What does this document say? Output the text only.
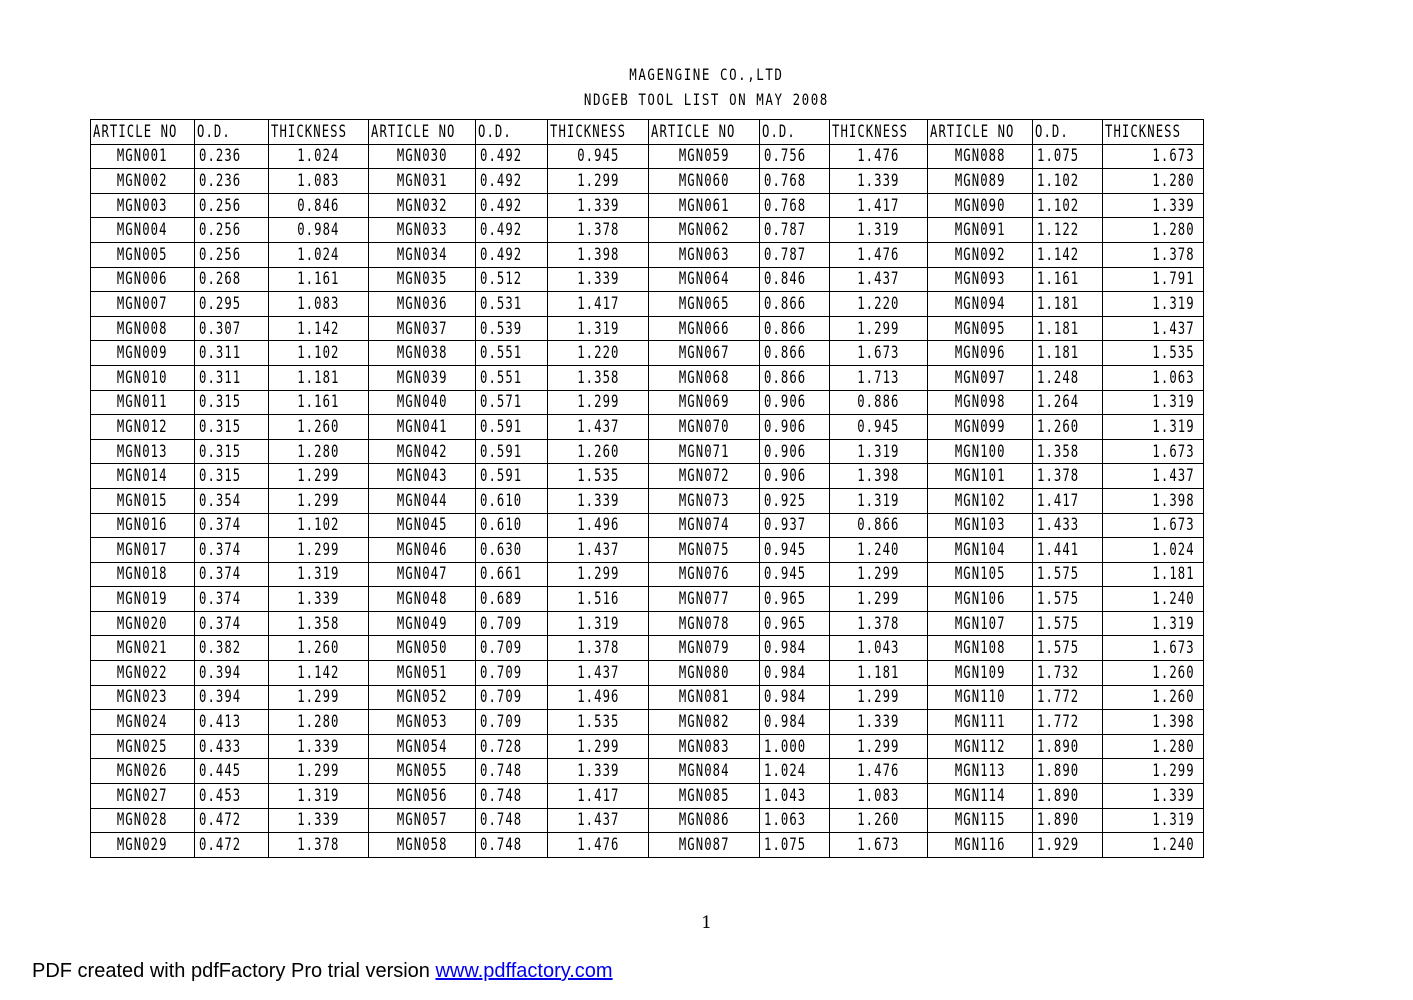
MAGENGINE CO.,LTD
NDGEB TOOL LIST ON MAY 2008
ARTICLE NO	O.D.	THICKNESS	ARTICLE NO	O.D.	THICKNESS	ARTICLE NO	O.D.	THICKNESS	ARTICLE NO	O.D.	THICKNESS
MGN001	0.236	1.024	MGN030	0.492	0.945	MGN059	0.756	1.476	MGN088	1.075	1.673
MGN002	0.236	1.083	MGN031	0.492	1.299	MGN060	0.768	1.339	MGN089	1.102	1.280
MGN003	0.256	0.846	MGN032	0.492	1.339	MGN061	0.768	1.417	MGN090	1.102	1.339
MGN004	0.256	0.984	MGN033	0.492	1.378	MGN062	0.787	1.319	MGN091	1.122	1.280
MGN005	0.256	1.024	MGN034	0.492	1.398	MGN063	0.787	1.476	MGN092	1.142	1.378
MGN006	0.268	1.161	MGN035	0.512	1.339	MGN064	0.846	1.437	MGN093	1.161	1.791
MGN007	0.295	1.083	MGN036	0.531	1.417	MGN065	0.866	1.220	MGN094	1.181	1.319
MGN008	0.307	1.142	MGN037	0.539	1.319	MGN066	0.866	1.299	MGN095	1.181	1.437
MGN009	0.311	1.102	MGN038	0.551	1.220	MGN067	0.866	1.673	MGN096	1.181	1.535
MGN010	0.311	1.181	MGN039	0.551	1.358	MGN068	0.866	1.713	MGN097	1.248	1.063
MGN011	0.315	1.161	MGN040	0.571	1.299	MGN069	0.906	0.886	MGN098	1.264	1.319
MGN012	0.315	1.260	MGN041	0.591	1.437	MGN070	0.906	0.945	MGN099	1.260	1.319
MGN013	0.315	1.280	MGN042	0.591	1.260	MGN071	0.906	1.319	MGN100	1.358	1.673
MGN014	0.315	1.299	MGN043	0.591	1.535	MGN072	0.906	1.398	MGN101	1.378	1.437
MGN015	0.354	1.299	MGN044	0.610	1.339	MGN073	0.925	1.319	MGN102	1.417	1.398
MGN016	0.374	1.102	MGN045	0.610	1.496	MGN074	0.937	0.866	MGN103	1.433	1.673
MGN017	0.374	1.299	MGN046	0.630	1.437	MGN075	0.945	1.240	MGN104	1.441	1.024
MGN018	0.374	1.319	MGN047	0.661	1.299	MGN076	0.945	1.299	MGN105	1.575	1.181
MGN019	0.374	1.339	MGN048	0.689	1.516	MGN077	0.965	1.299	MGN106	1.575	1.240
MGN020	0.374	1.358	MGN049	0.709	1.319	MGN078	0.965	1.378	MGN107	1.575	1.319
MGN021	0.382	1.260	MGN050	0.709	1.378	MGN079	0.984	1.043	MGN108	1.575	1.673
MGN022	0.394	1.142	MGN051	0.709	1.437	MGN080	0.984	1.181	MGN109	1.732	1.260
MGN023	0.394	1.299	MGN052	0.709	1.496	MGN081	0.984	1.299	MGN110	1.772	1.260
MGN024	0.413	1.280	MGN053	0.709	1.535	MGN082	0.984	1.339	MGN111	1.772	1.398
MGN025	0.433	1.339	MGN054	0.728	1.299	MGN083	1.000	1.299	MGN112	1.890	1.280
MGN026	0.445	1.299	MGN055	0.748	1.339	MGN084	1.024	1.476	MGN113	1.890	1.299
MGN027	0.453	1.319	MGN056	0.748	1.417	MGN085	1.043	1.083	MGN114	1.890	1.339
MGN028	0.472	1.339	MGN057	0.748	1.437	MGN086	1.063	1.260	MGN115	1.890	1.319
MGN029	0.472	1.378	MGN058	0.748	1.476	MGN087	1.075	1.673	MGN116	1.929	1.240
1
PDF created with pdfFactory Pro trial version www.pdffactory.com
